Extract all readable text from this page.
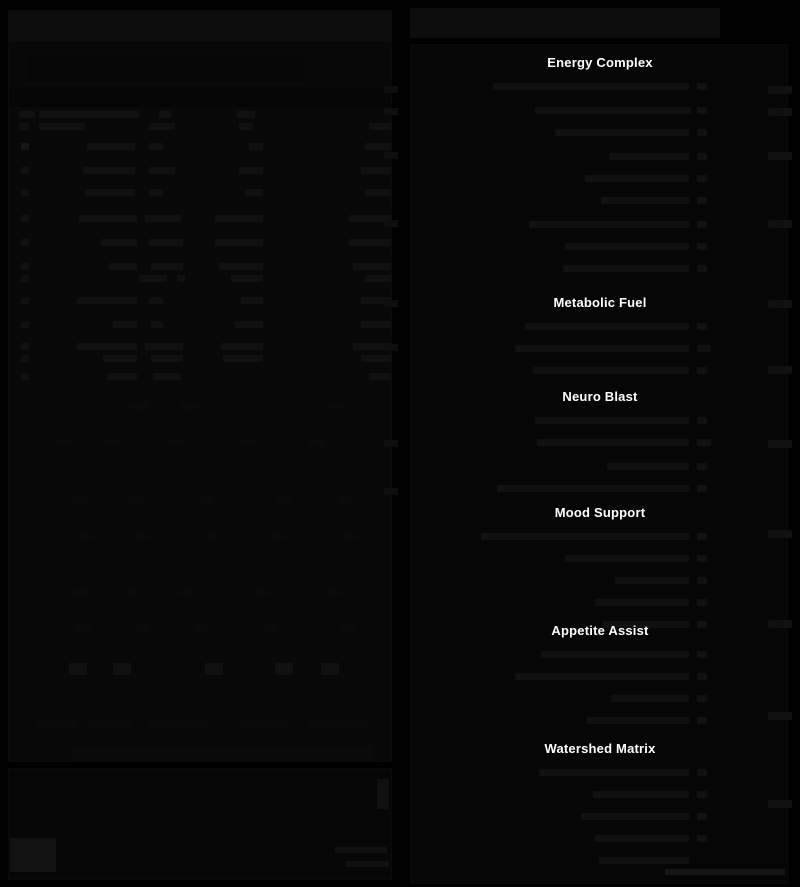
Energy Complex
Metabolic Fuel
Neuro Blast
Mood Support
Appetite Assist
Watershed Matrix
